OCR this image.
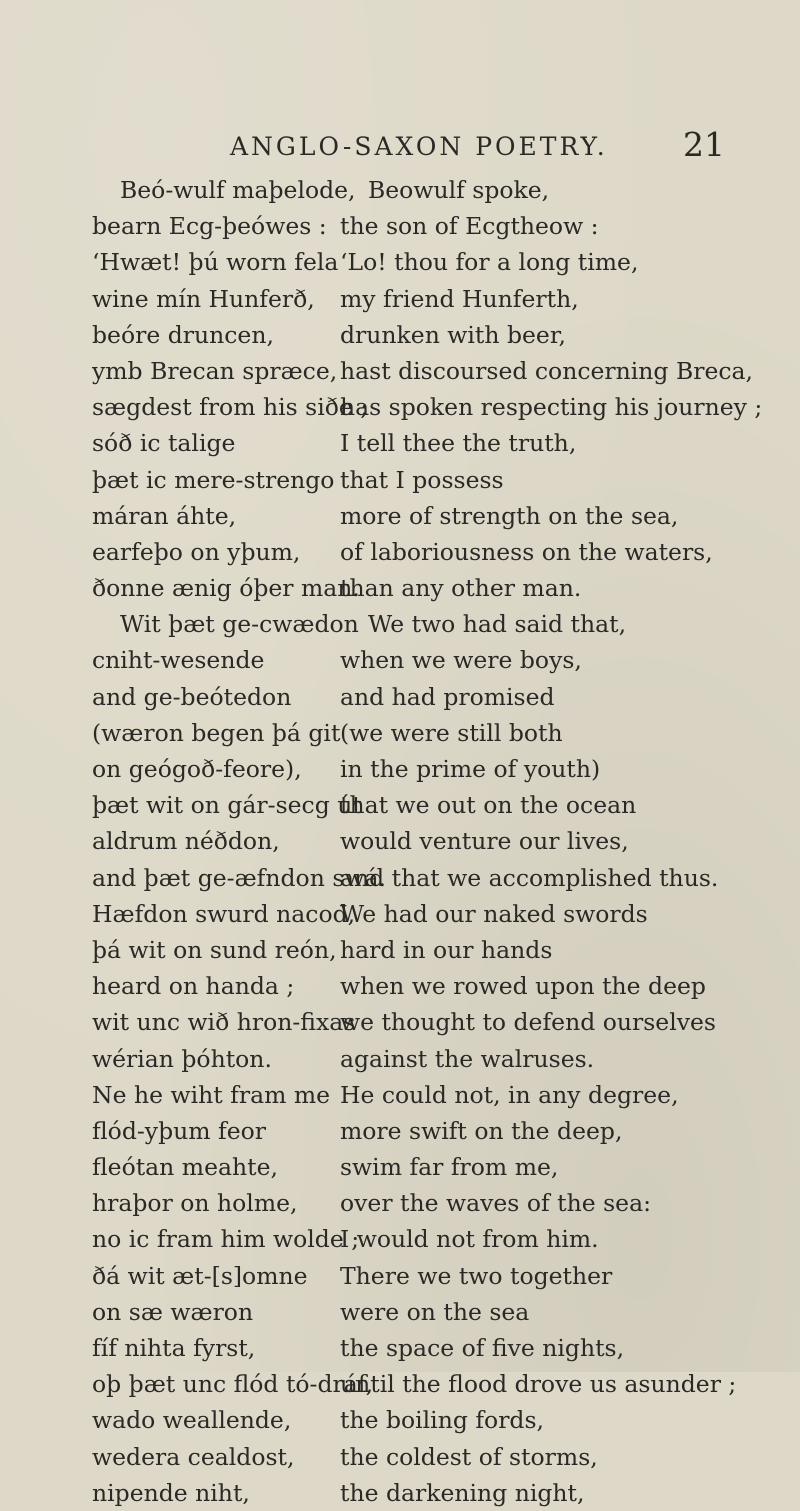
ANGLO-SAXON POETRY. 21
Beó-wulf maþelode,
bearn Ecg-þeówes :
‘Hwæt! þú worn fela
wine mín Hunferð,
beóre druncen,
ymb Brecan spræce,
sægdest from his siðe ;
sóð ic talige
þæt ic mere-strengo
máran áhte,
earfeþo on yþum,
ðonne ænig óþer man.
Wit þæt ge-cwædon
cniht-wesende
and ge-beótedon
(wæron begen þá git
on geógoð-feore),
þæt wit on gár-secg út
aldrum néðdon,
and þæt ge-æfndon swá.
Hæfdon swurd nacod,
þá wit on sund reón,
heard on handa ;
wit unc wið hron-fixas
wérian þóhton.
Ne he wiht fram me
flód-yþum feor
fleótan meahte,
hraþor on holme,
no ic fram him wolde ;
ðá wit æt-[s]omne
on sæ wæron
fíf nihta fyrst,
oþ þæt unc flód tó-dráf,
wado weallende,
wedera cealdost,
nipende niht,
Beowulf spoke,
the son of Ecgtheow :
‘Lo! thou for a long time,
my friend Hunferth,
drunken with beer,
hast discoursed concerning Breca,
has spoken respecting his journey ;
I tell thee the truth,
that I possess
more of strength on the sea,
of laboriousness on the waters,
than any other man.
We two had said that,
when we were boys,
and had promised
(we were still both
in the prime of youth)
that we out on the ocean
would venture our lives,
and that we accomplished thus.
We had our naked swords
hard in our hands
when we rowed upon the deep
we thought to defend ourselves
against the walruses.
He could not, in any degree,
more swift on the deep,
swim far from me,
over the waves of the sea:
I would not from him.
There we two together
were on the sea
the space of five nights,
until the flood drove us asunder ;
the boiling fords,
the coldest of storms,
the darkening night,
